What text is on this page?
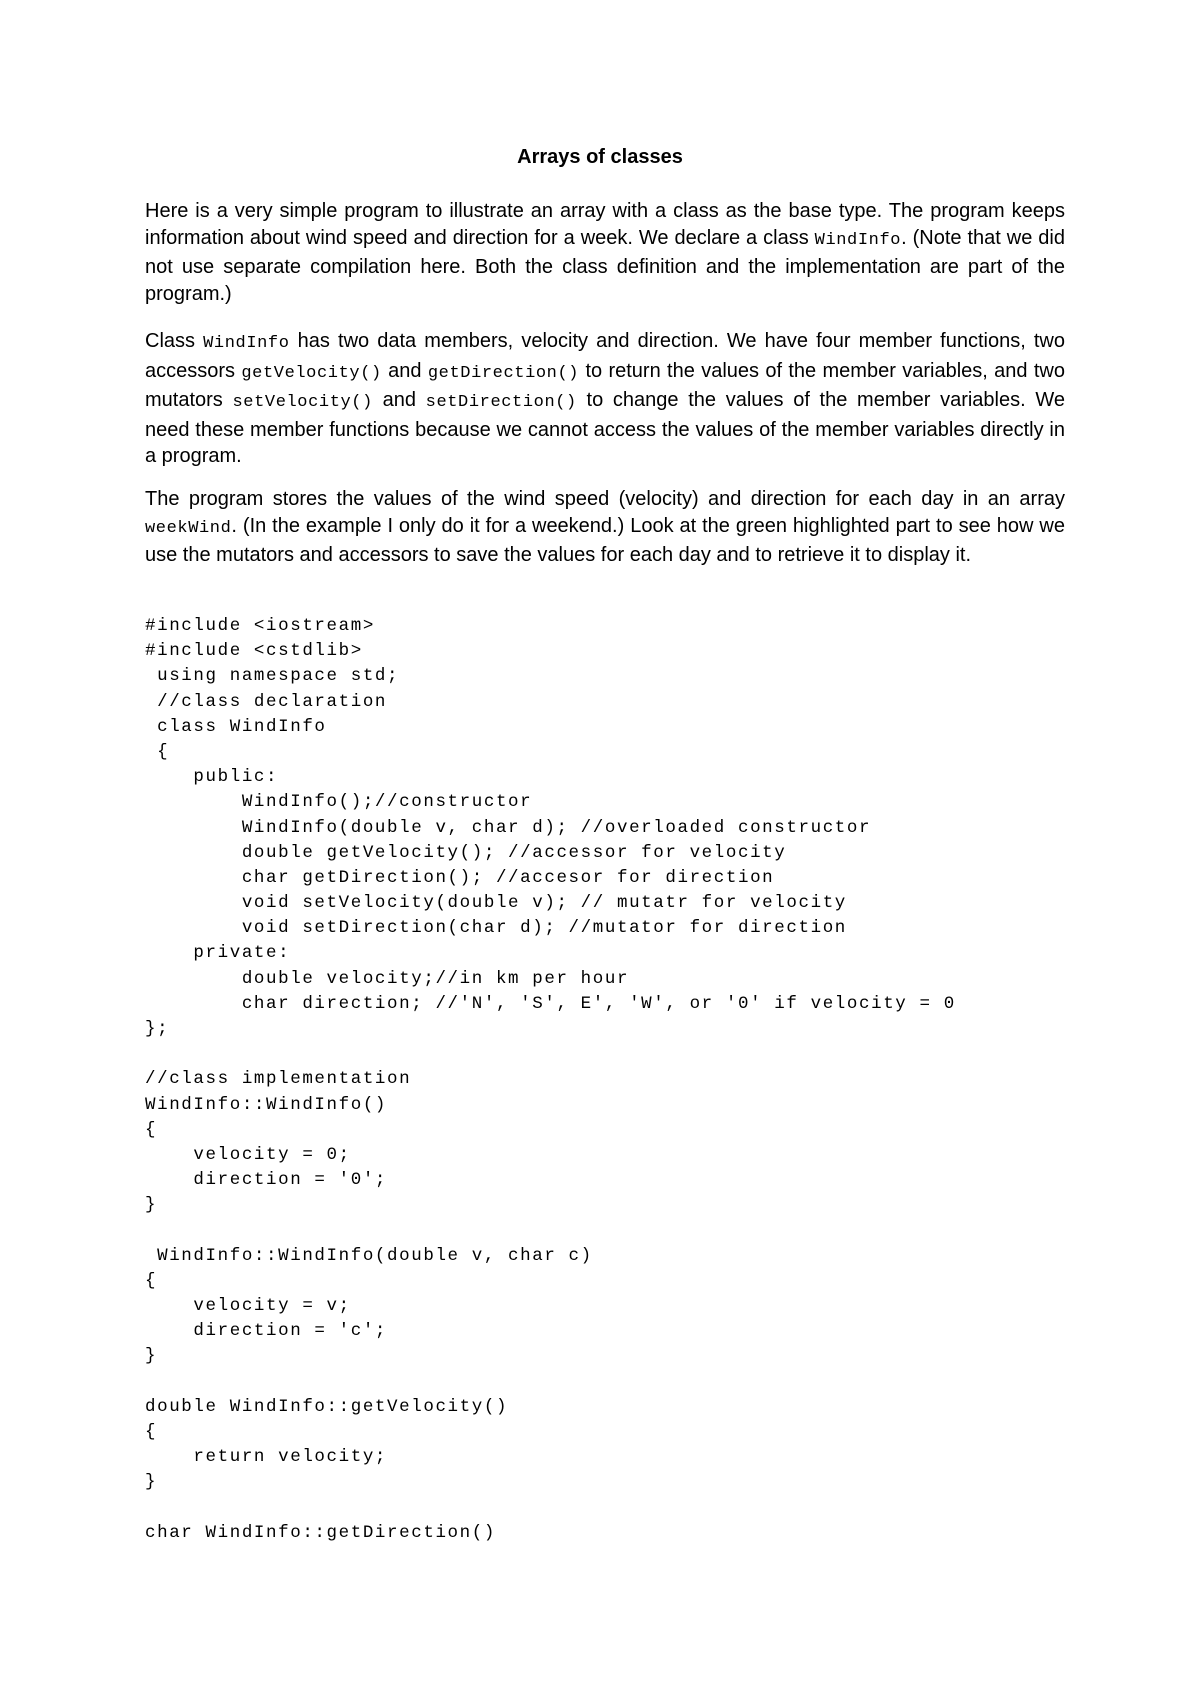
Arrays of classes
Here is a very simple program to illustrate an array with a class as the base type. The program keeps information about wind speed and direction for a week. We declare a class WindInfo. (Note that we did not use separate compilation here. Both the class definition and the implementation are part of the program.)
Class WindInfo has two data members, velocity and direction. We have four member functions, two accessors getVelocity() and getDirection() to return the values of the member variables, and two mutators setVelocity() and setDirection() to change the values of the member variables. We need these member functions because we cannot access the values of the member variables directly in a program.
The program stores the values of the wind speed (velocity) and direction for each day in an array weekWind. (In the example I only do it for a weekend.) Look at the green highlighted part to see how we use the mutators and accessors to save the values for each day and to retrieve it to display it.
#include <iostream>
#include <cstdlib>
using namespace std;
//class declaration
class WindInfo
{
public:
WindInfo();//constructor
WindInfo(double v, char d); //overloaded constructor
double getVelocity(); //accessor for velocity
char getDirection(); //accesor for direction
void setVelocity(double v); // mutatr for velocity
void setDirection(char d); //mutator for direction
private:
double velocity;//in km per hour
char direction; //'N', 'S', E', 'W', or '0' if velocity = 0
};
//class implementation
WindInfo::WindInfo()
{
velocity = 0;
direction = '0';
}
WindInfo::WindInfo(double v, char c)
{
velocity = v;
direction = 'c';
}
double WindInfo::getVelocity()
{
return velocity;
}
char WindInfo::getDirection()
